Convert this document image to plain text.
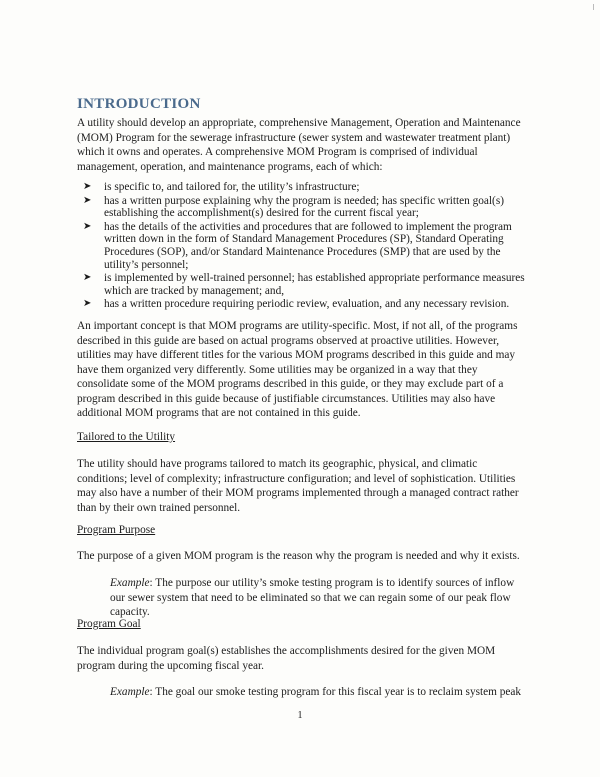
INTRODUCTION

A utility should develop an appropriate, comprehensive Management, Operation and Maintenance (MOM) Program for the sewerage infrastructure (sewer system and wastewater treatment plant) which it owns and operates. A comprehensive MOM Program is comprised of individual management, operation, and maintenance programs, each of which:

➤ is specific to, and tailored for, the utility’s infrastructure;
➤ has a written purpose explaining why the program is needed; has specific written goal(s) establishing the accomplishment(s) desired for the current fiscal year;
➤ has the details of the activities and procedures that are followed to implement the program written down in the form of Standard Management Procedures (SP), Standard Operating Procedures (SOP), and/or Standard Maintenance Procedures (SMP) that are used by the utility’s personnel;
➤ is implemented by well-trained personnel; has established appropriate performance measures which are tracked by management; and,
➤ has a written procedure requiring periodic review, evaluation, and any necessary revision.

An important concept is that MOM programs are utility-specific. Most, if not all, of the programs described in this guide are based on actual programs observed at proactive utilities. However, utilities may have different titles for the various MOM programs described in this guide and may have them organized very differently. Some utilities may be organized in a way that they consolidate some of the MOM programs described in this guide, or they may exclude part of a program described in this guide because of justifiable circumstances. Utilities may also have additional MOM programs that are not contained in this guide.

Tailored to the Utility

The utility should have programs tailored to match its geographic, physical, and climatic conditions; level of complexity; infrastructure configuration; and level of sophistication. Utilities may also have a number of their MOM programs implemented through a managed contract rather than by their own trained personnel.

Program Purpose

The purpose of a given MOM program is the reason why the program is needed and why it exists.

Example: The purpose our utility’s smoke testing program is to identify sources of inflow our sewer system that need to be eliminated so that we can regain some of our peak flow capacity.

Program Goal

The individual program goal(s) establishes the accomplishments desired for the given MOM program during the upcoming fiscal year.

Example: The goal our smoke testing program for this fiscal year is to reclaim system peak

1
